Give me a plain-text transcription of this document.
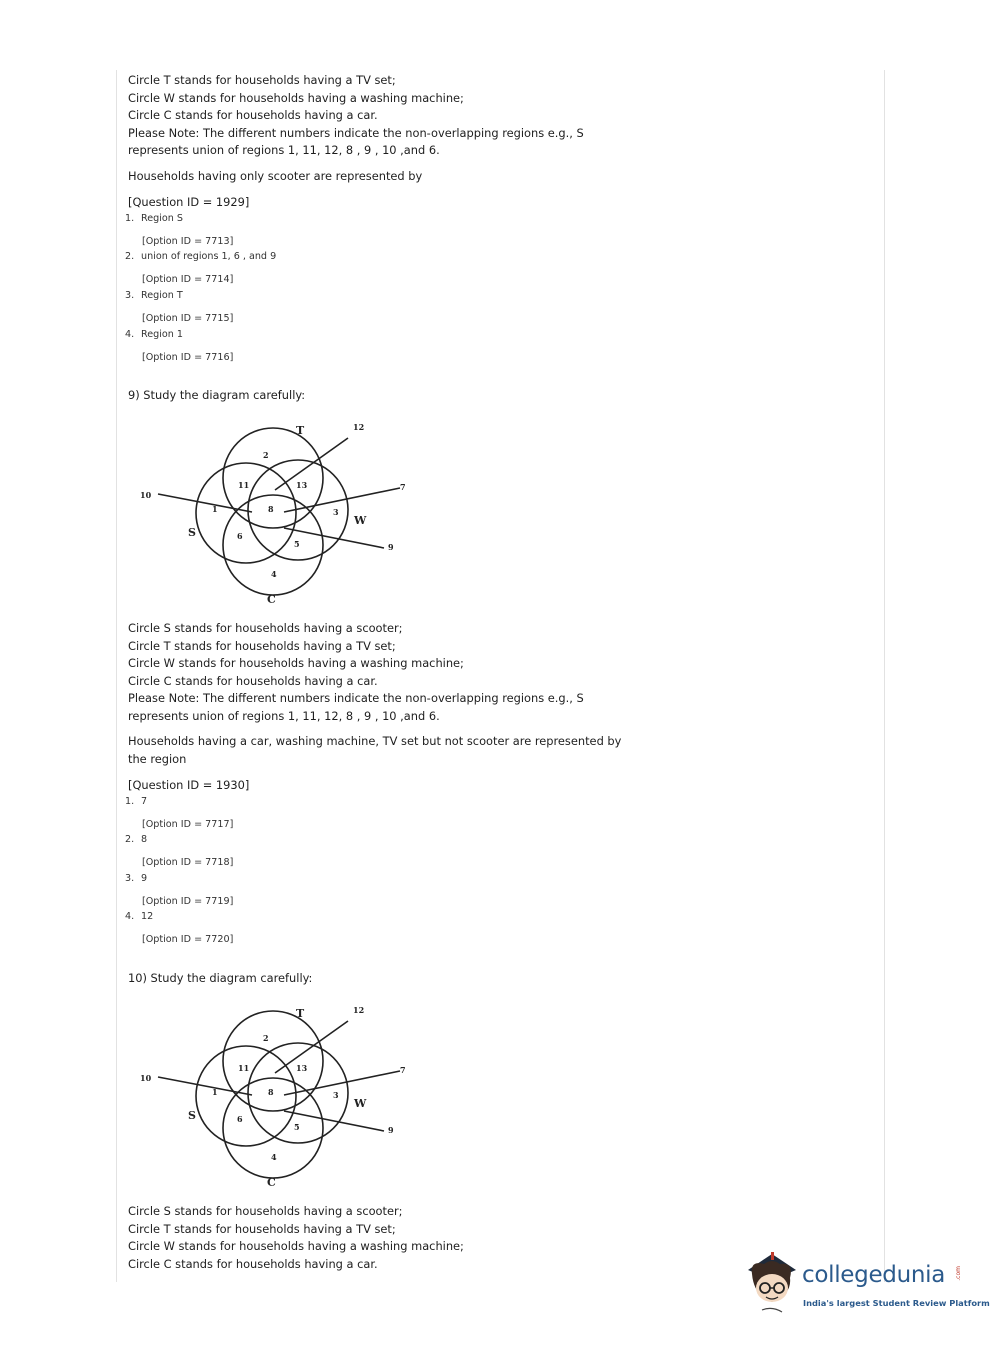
Circle T stands for households having a TV set;
Circle W stands for households having a washing machine;
Circle C stands for households having a car.
Please Note: The different numbers indicate the non-overlapping regions e.g., S
represents union of regions 1, 11, 12, 8 , 9 , 10 ,and 6.
Households having only scooter are represented by
[Question ID = 1929]
1. Region S
[Option ID = 7713]
2. union of regions 1, 6 , and 9
[Option ID = 7714]
3. Region T
[Option ID = 7715]
4. Region 1
[Option ID = 7716]
9) Study the diagram carefully:
T
W
C
S
12
2
11	13	7
10
1	8	3
6
5	9
4
Circle S stands for households having a scooter;
Circle T stands for households having a TV set;
Circle W stands for households having a washing machine;
Circle C stands for households having a car.
Please Note: The different numbers indicate the non-overlapping regions e.g., S
represents union of regions 1, 11, 12, 8 , 9 , 10 ,and 6.
Households having a car, washing machine, TV set but not scooter are represented by
the region
[Question ID = 1930]
1. 7
[Option ID = 7717]
2. 8
[Option ID = 7718]
3. 9
[Option ID = 7719]
4. 12
[Option ID = 7720]
10) Study the diagram carefully:
T
W
C
S
12
2
11	13	7
10
1	8	3
6
5	9
4
Circle S stands for households having a scooter;
Circle T stands for households having a TV set;
Circle W stands for households having a washing machine;
Circle C stands for households having a car.	collegedunia .com
India's largest Student Review Platform
